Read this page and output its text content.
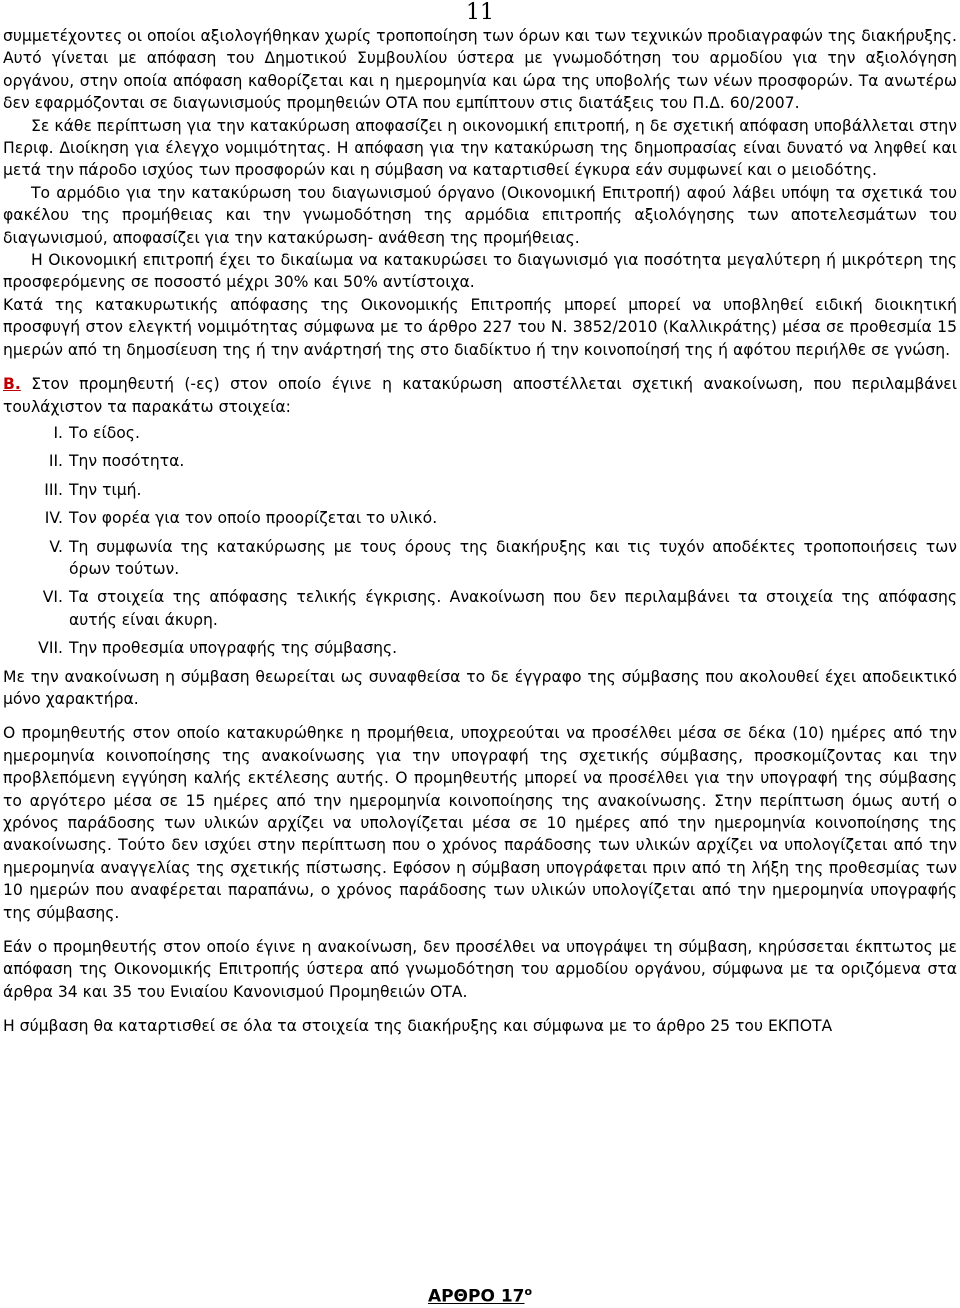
11

συμμετέχοντες οι οποίοι αξιολογήθηκαν χωρίς τροποποίηση των όρων και των τεχνικών προδιαγραφών της διακήρυξης. Αυτό γίνεται με απόφαση του Δημοτικού Συμβουλίου ύστερα με γνωμοδότηση του αρμοδίου για την αξιολόγηση οργάνου, στην οποία απόφαση καθορίζεται και η ημερομηνία και ώρα της υποβολής των νέων προσφορών. Τα ανωτέρω δεν εφαρμόζονται σε διαγωνισμούς προμηθειών ΟΤΑ που εμπίπτουν στις διατάξεις του Π.Δ. 60/2007.

Σε κάθε περίπτωση για την κατακύρωση αποφασίζει η οικονομική επιτροπή, η δε σχετική απόφαση υποβάλλεται στην Περιφ. Διοίκηση για έλεγχο νομιμότητας. Η απόφαση για την κατακύρωση της δημοπρασίας είναι δυνατό να ληφθεί και μετά την πάροδο ισχύος των προσφορών και η σύμβαση να καταρτισθεί έγκυρα εάν συμφωνεί και ο μειοδότης.

Το αρμόδιο για την κατακύρωση του διαγωνισμού όργανο (Οικονομική Επιτροπή) αφού λάβει υπόψη τα σχετικά του φακέλου της προμήθειας και την γνωμοδότηση της αρμόδια επιτροπής αξιολόγησης των αποτελεσμάτων του διαγωνισμού, αποφασίζει για την κατακύρωση- ανάθεση της προμήθειας.

Η Οικονομική επιτροπή έχει το δικαίωμα να κατακυρώσει το διαγωνισμό για ποσότητα μεγαλύτερη ή μικρότερη της προσφερόμενης σε ποσοστό μέχρι 30% και 50% αντίστοιχα.

Κατά της κατακυρωτικής απόφασης της Οικονομικής Επιτροπής μπορεί μπορεί να υποβληθεί ειδική διοικητική προσφυγή στον ελεγκτή νομιμότητας σύμφωνα με το άρθρο 227 του Ν. 3852/2010 (Καλλικράτης) μέσα σε προθεσμία 15 ημερών από τη δημοσίευση της ή την ανάρτησή της στο διαδίκτυο ή την κοινοποίησή της ή αφότου περιήλθε σε γνώση.

Β. Στον προμηθευτή (-ες) στον οποίο έγινε η κατακύρωση αποστέλλεται σχετική ανακοίνωση, που περιλαμβάνει τουλάχιστον τα παρακάτω στοιχεία:

I. Το είδος.
II. Την ποσότητα.
III. Την τιμή.
IV. Τον φορέα για τον οποίο προορίζεται το υλικό.
V. Τη συμφωνία της κατακύρωσης με τους όρους της διακήρυξης και τις τυχόν αποδέκτες τροποποιήσεις των όρων τούτων.
VI. Τα στοιχεία της απόφασης τελικής έγκρισης. Ανακοίνωση που δεν περιλαμβάνει τα στοιχεία της απόφασης αυτής είναι άκυρη.
VII. Την προθεσμία υπογραφής της σύμβασης.

Με την ανακοίνωση η σύμβαση θεωρείται ως συναφθείσα το δε έγγραφο της σύμβασης που ακολουθεί έχει αποδεικτικό μόνο χαρακτήρα.

Ο προμηθευτής στον οποίο κατακυρώθηκε η προμήθεια, υποχρεούται να προσέλθει μέσα σε δέκα (10) ημέρες από την ημερομηνία κοινοποίησης της ανακοίνωσης για την υπογραφή της σχετικής σύμβασης, προσκομίζοντας και την προβλεπόμενη εγγύηση καλής εκτέλεσης αυτής. Ο προμηθευτής μπορεί να προσέλθει για την υπογραφή της σύμβασης το αργότερο μέσα σε 15 ημέρες από την ημερομηνία κοινοποίησης της ανακοίνωσης. Στην περίπτωση όμως αυτή ο χρόνος παράδοσης των υλικών αρχίζει να υπολογίζεται μέσα σε 10 ημέρες από την ημερομηνία κοινοποίησης της ανακοίνωσης. Τούτο δεν ισχύει στην περίπτωση που ο χρόνος παράδοσης των υλικών αρχίζει να υπολογίζεται από την ημερομηνία αναγγελίας της σχετικής πίστωσης. Εφόσον η σύμβαση υπογράφεται πριν από τη λήξη της προθεσμίας των 10 ημερών που αναφέρεται παραπάνω, ο χρόνος παράδοσης των υλικών υπολογίζεται από την ημερομηνία υπογραφής της σύμβασης.

Εάν ο προμηθευτής στον οποίο έγινε η ανακοίνωση, δεν προσέλθει να υπογράψει τη σύμβαση, κηρύσσεται έκπτωτος με απόφαση της Οικονομικής Επιτροπής ύστερα από γνωμοδότηση του αρμοδίου οργάνου, σύμφωνα με τα οριζόμενα στα άρθρα 34 και 35 του Ενιαίου Κανονισμού Προμηθειών ΟΤΑ.

Η σύμβαση θα καταρτισθεί σε όλα τα στοιχεία της διακήρυξης και σύμφωνα με το άρθρο 25 του ΕΚΠΟΤΑ

ΑΡΘΡΟ $17^o$
